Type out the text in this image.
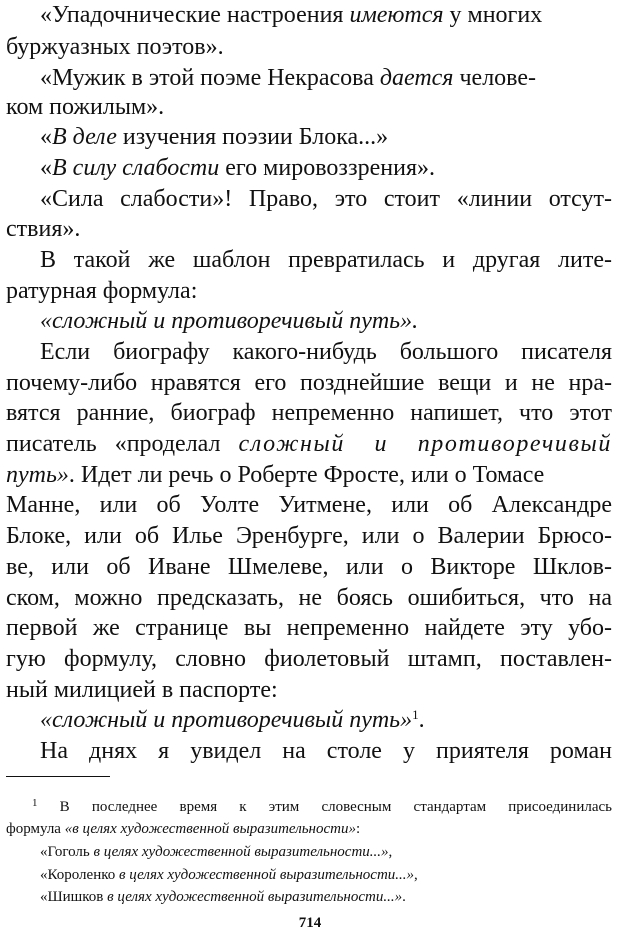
«Упадочнические настроения имеются у многих
буржуазных поэтов».
«Мужик в этой поэме Некрасова дается челове-
ком пожилым».
«В деле изучения поэзии Блока...»
«В силу слабости его мировоззрения».
«Сила слабости»! Право, это стоит «линии отсут-
ствия».
В такой же шаблон превратилась и другая лите-
ратурная формула:
«сложный и противоречивый путь».
Если биографу какого-нибудь большого писателя
почему-либо нравятся его позднейшие вещи и не нра-
вятся ранние, биограф непременно напишет, что этот
писатель «проделал сложный и противоречивый
путь». Идет ли речь о Роберте Фросте, или о Томасе
Манне, или об Уолте Уитмене, или об Александре
Блоке, или об Илье Эренбурге, или о Валерии Брюсо-
ве, или об Иване Шмелеве, или о Викторе Шклов-
ском, можно предсказать, не боясь ошибиться, что на
первой же странице вы непременно найдете эту убо-
гую формулу, словно фиолетовый штамп, поставлен-
ный милицией в паспорте:
«сложный и противоречивый путь»$^1$.
На днях я увидел на столе у приятеля роман
$^1$ В последнее время к этим словесным стандартам присоединилась
формула «в целях художественной выразительности»:
«Гоголь в целях художественной выразительности...»,
«Короленко в целях художественной выразительности...»,
«Шишков в целях художественной выразительности...».
714
